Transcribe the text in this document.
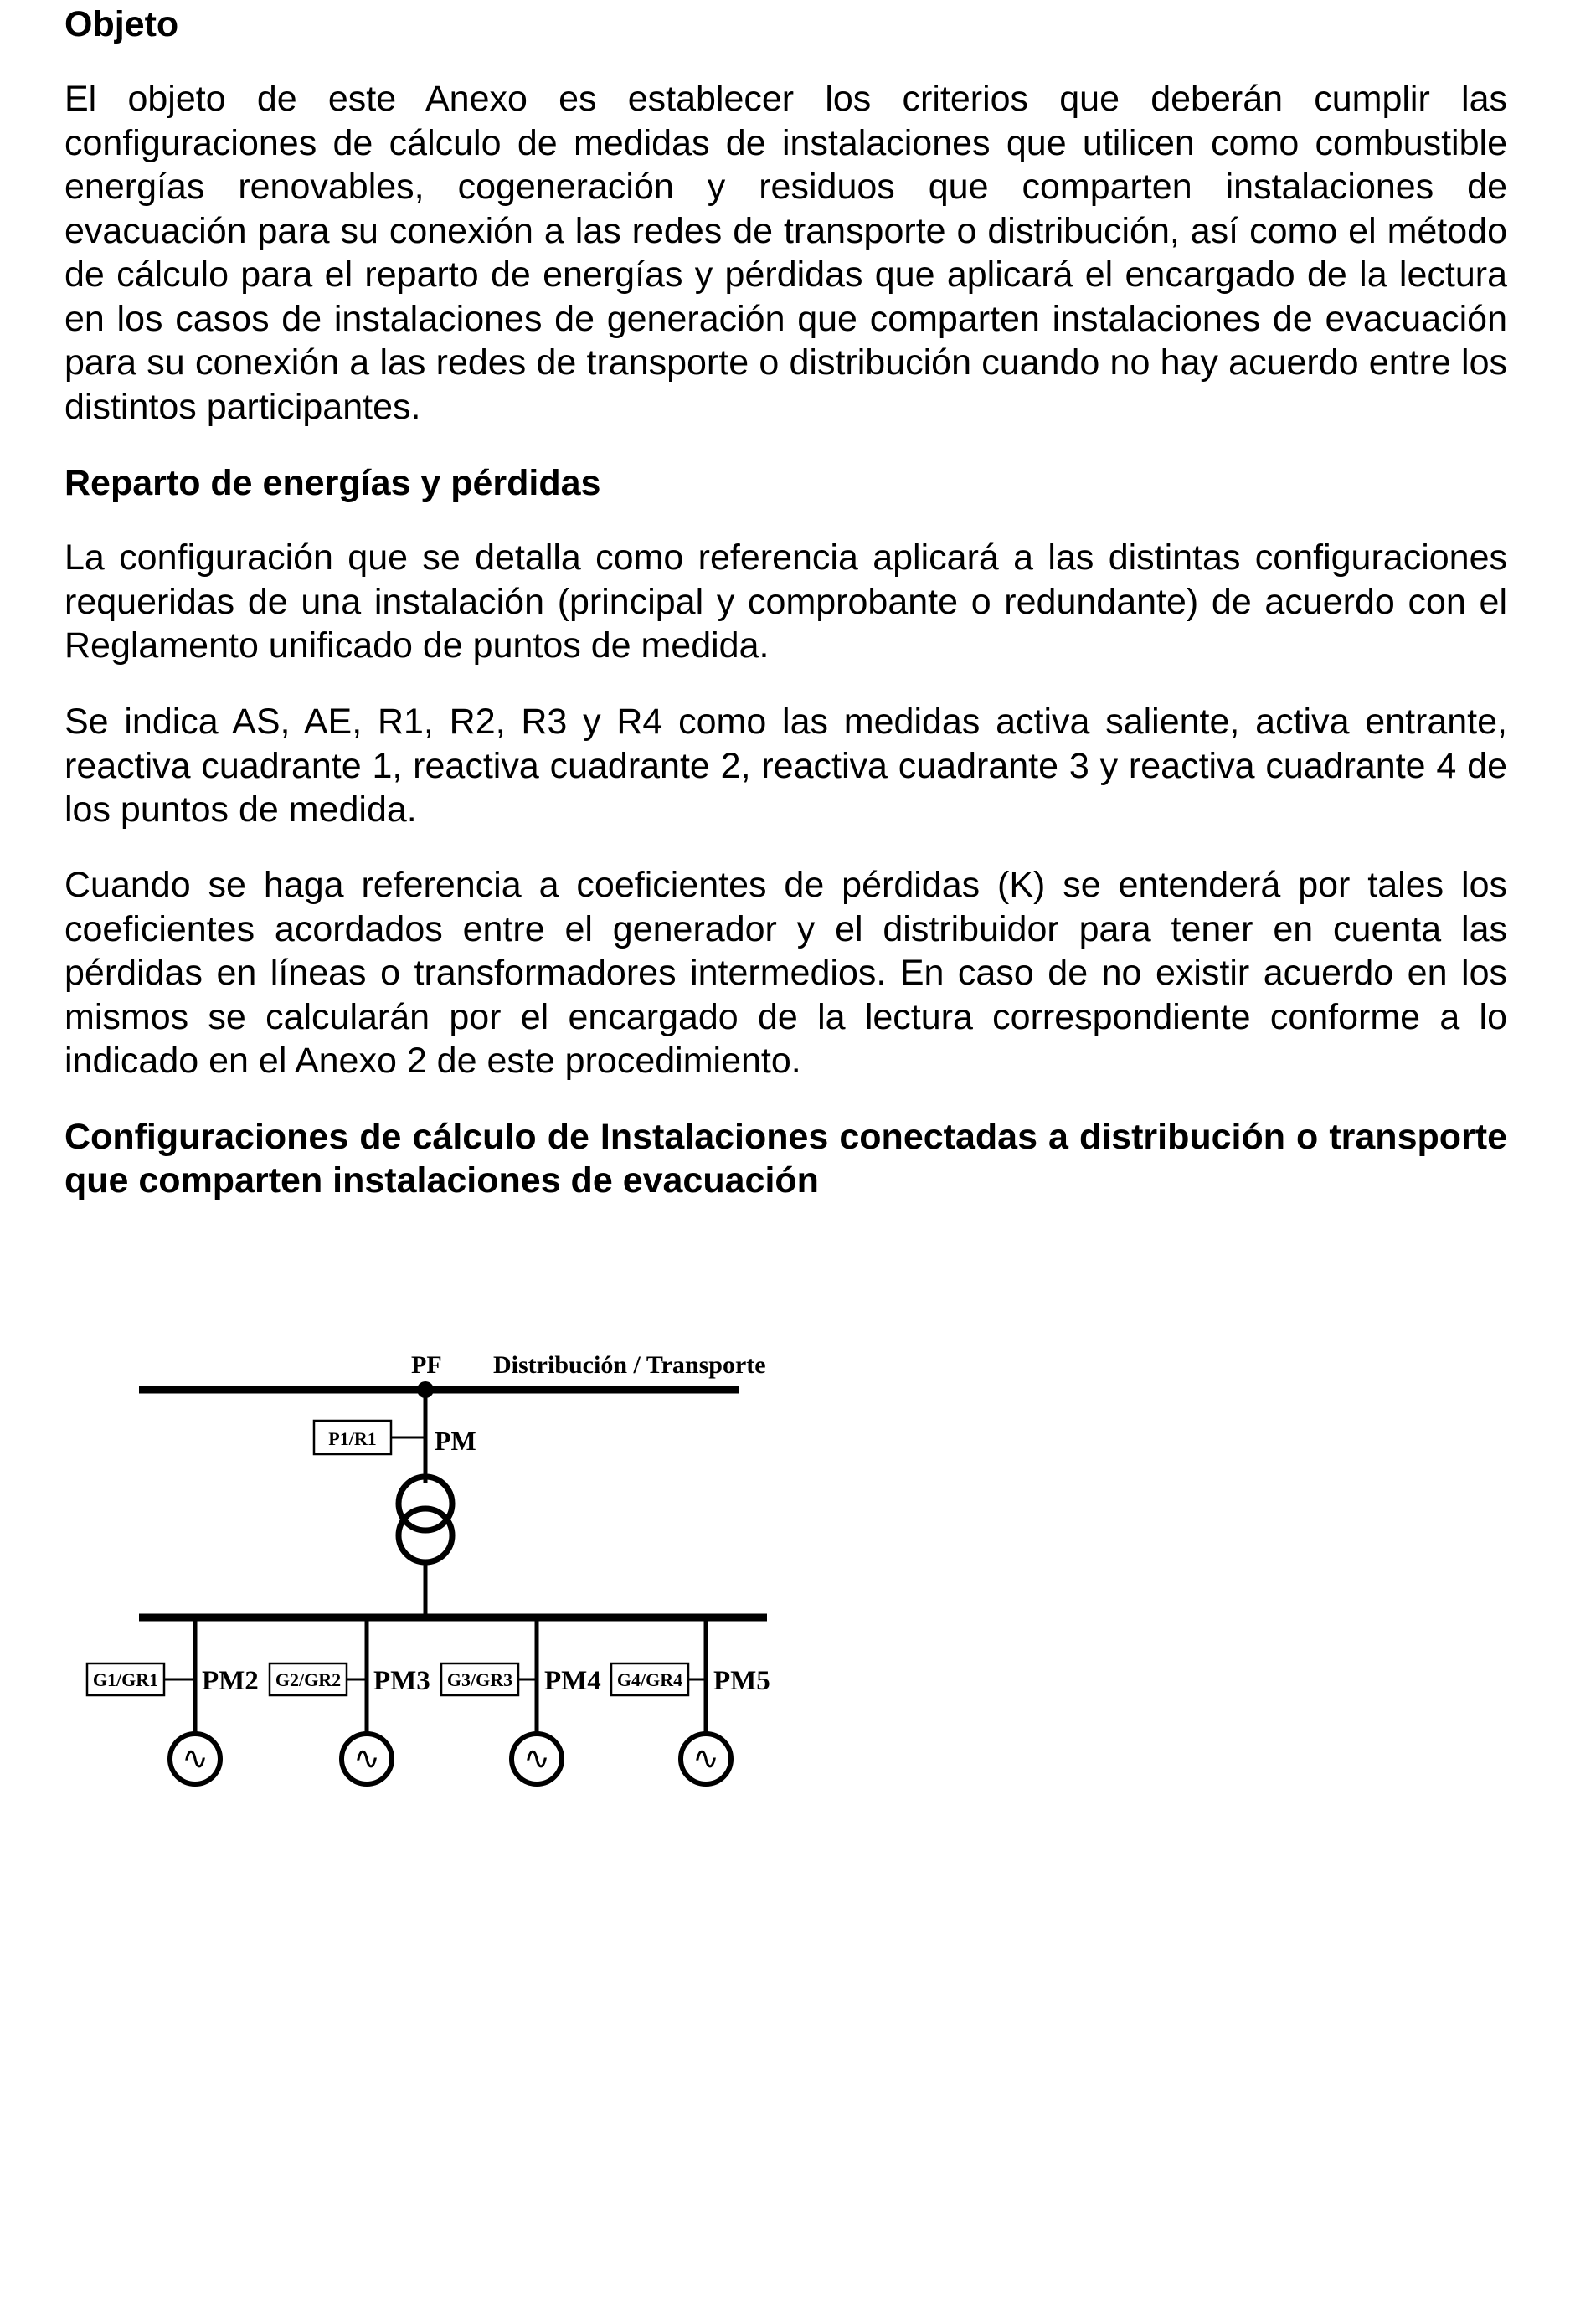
Objeto

El objeto de este Anexo es establecer los criterios que deberán cumplir las configuraciones de cálculo de medidas de instalaciones que utilicen como combustible energías renovables, cogeneración y residuos que comparten instalaciones de evacuación para su conexión a las redes de transporte o distribución, así como el método de cálculo para el reparto de energías y pérdidas que aplicará el encargado de la lectura en los casos de instalaciones de generación que comparten instalaciones de evacuación para su conexión a las redes de transporte o distribución cuando no hay acuerdo entre los distintos participantes.

Reparto de energías y pérdidas

La configuración que se detalla como referencia aplicará a las distintas configuraciones requeridas de una instalación (principal y comprobante o redundante) de acuerdo con el Reglamento unificado de puntos de medida.

Se indica AS, AE, R1, R2, R3 y R4 como las medidas activa saliente, activa entrante, reactiva cuadrante 1, reactiva cuadrante 2, reactiva cuadrante 3 y reactiva cuadrante 4 de los puntos de medida.

Cuando se haga referencia a coeficientes de pérdidas (K) se entenderá por tales los coeficientes acordados entre el generador y el distribuidor para tener en cuenta las pérdidas en líneas o transformadores intermedios. En caso de no existir acuerdo en los mismos se calcularán por el encargado de la lectura correspondiente conforme a lo indicado en el Anexo 2 de este procedimiento.

Configuraciones de cálculo de Instalaciones conectadas a distribución o transporte que comparten instalaciones de evacuación
PF Distribución / Transporte
P1/R1 PM
G1/GR1 PM2
∿
G2/GR2 PM3
∿
G3/GR3 PM4
∿
G4/GR4 PM5
∿
